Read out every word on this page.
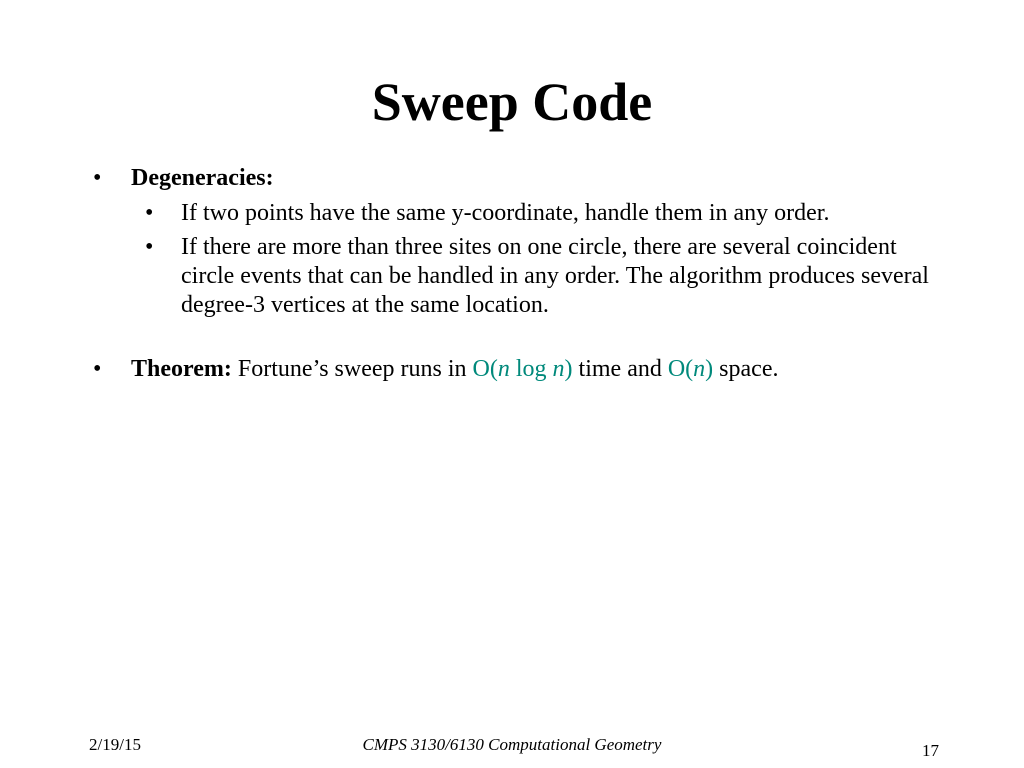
Sweep Code
• Degeneracies:
• If two points have the same y-coordinate, handle them in any order.
• If there are more than three sites on one circle, there are several coincident circle events that can be handled in any order. The algorithm produces several degree-3 vertices at the same location.
• Theorem: Fortune’s sweep runs in O(n log n) time and O(n) space.
2/19/15	CMPS 3130/6130 Computational Geometry	17
